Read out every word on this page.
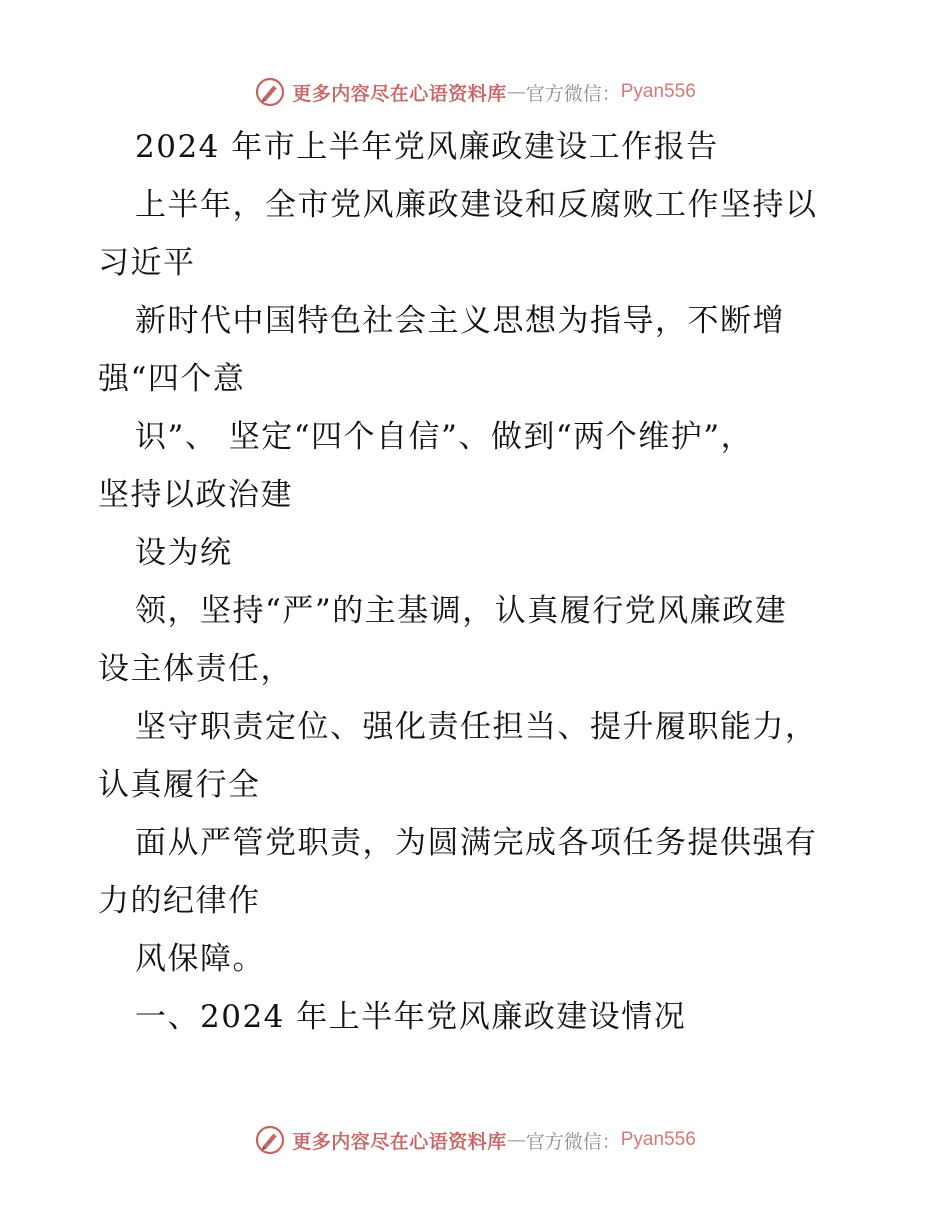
更多内容尽在心语资料库 — 官方微信： Pyan556
2024 年市上半年党风廉政建设工作报告
上半年，全市党风廉政建设和反腐败工作坚持以
习近平
新时代中国特色社会主义思想为指导，不断增
强“四个意
识”、 坚定“四个自信”、做到“两个维护”，
坚持以政治建
设为统
领，坚持“严”的主基调，认真履行党风廉政建
设主体责任，
坚守职责定位、强化责任担当、提升履职能力，
认真履行全
面从严管党职责，为圆满完成各项任务提供强有
力的纪律作
风保障。
一、2024 年上半年党风廉政建设情况
更多内容尽在心语资料库 — 官方微信： Pyan556
